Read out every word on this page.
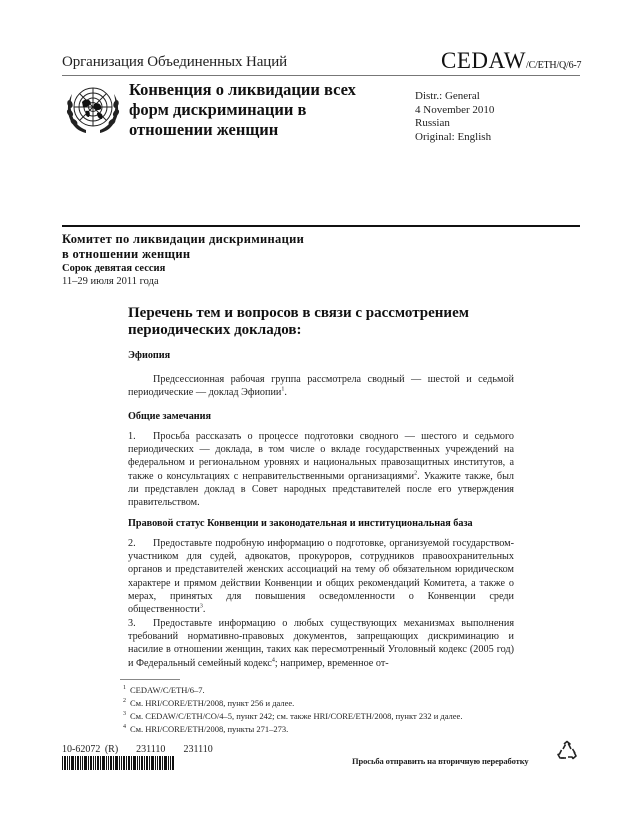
Организация Объединенных Наций	CEDAW/C/ETH/Q/6-7
Конвенция о ликвидации всех
форм дискриминации в
отношении женщин
Distr.: General
4 November 2010
Russian
Original: English
Комитет по ликвидации дискриминации
в отношении женщин
Сорок девятая сессия
11–29 июля 2011 года
Перечень тем и вопросов в связи с рассмотрением
периодических докладов:
Эфиопия
Предсессионная рабочая группа рассмотрела сводный — шестой и седьмой периодические — доклад Эфиопии$^1$.
Общие замечания
1. Просьба рассказать о процессе подготовки сводного — шестого и седьмого периодических — доклада, в том числе о вкладе государственных учреждений на федеральном и региональном уровнях и национальных правозащитных институтов, а также о консультациях с неправительственными организациями$^2$. Укажите также, был ли представлен доклад в Совет народных представителей после его утверждения правительством.
Правовой статус Конвенции и законодательная и институциональная база
2. Предоставьте подробную информацию о подготовке, организуемой государством-участником для судей, адвокатов, прокуроров, сотрудников правоохранительных органов и представителей женских ассоциаций на тему об обязательном юридическом характере и прямом действии Конвенции и общих рекомендаций Комитета, а также о мерах, принятых для повышения осведомленности о Конвенции среди общественности$^3$.
3. Предоставьте информацию о любых существующих механизмах выполнения требований нормативно-правовых документов, запрещающих дискриминацию и насилие в отношении женщин, таких как пересмотренный Уголовный кодекс (2005 год) и Федеральный семейный кодекс$^4$; например, временное от-
1 CEDAW/C/ETH/6–7.
2 См. HRI/CORE/ETH/2008, пункт 256 и далее.
3 См. CEDAW/C/ETH/CO/4–5, пункт 242; см. также HRI/CORE/ETH/2008, пункт 232 и далее.
4 См. HRI/CORE/ETH/2008, пункты 271–273.
10-62072 (R) 231110 231110
Просьба отправить на вторичную переработку
